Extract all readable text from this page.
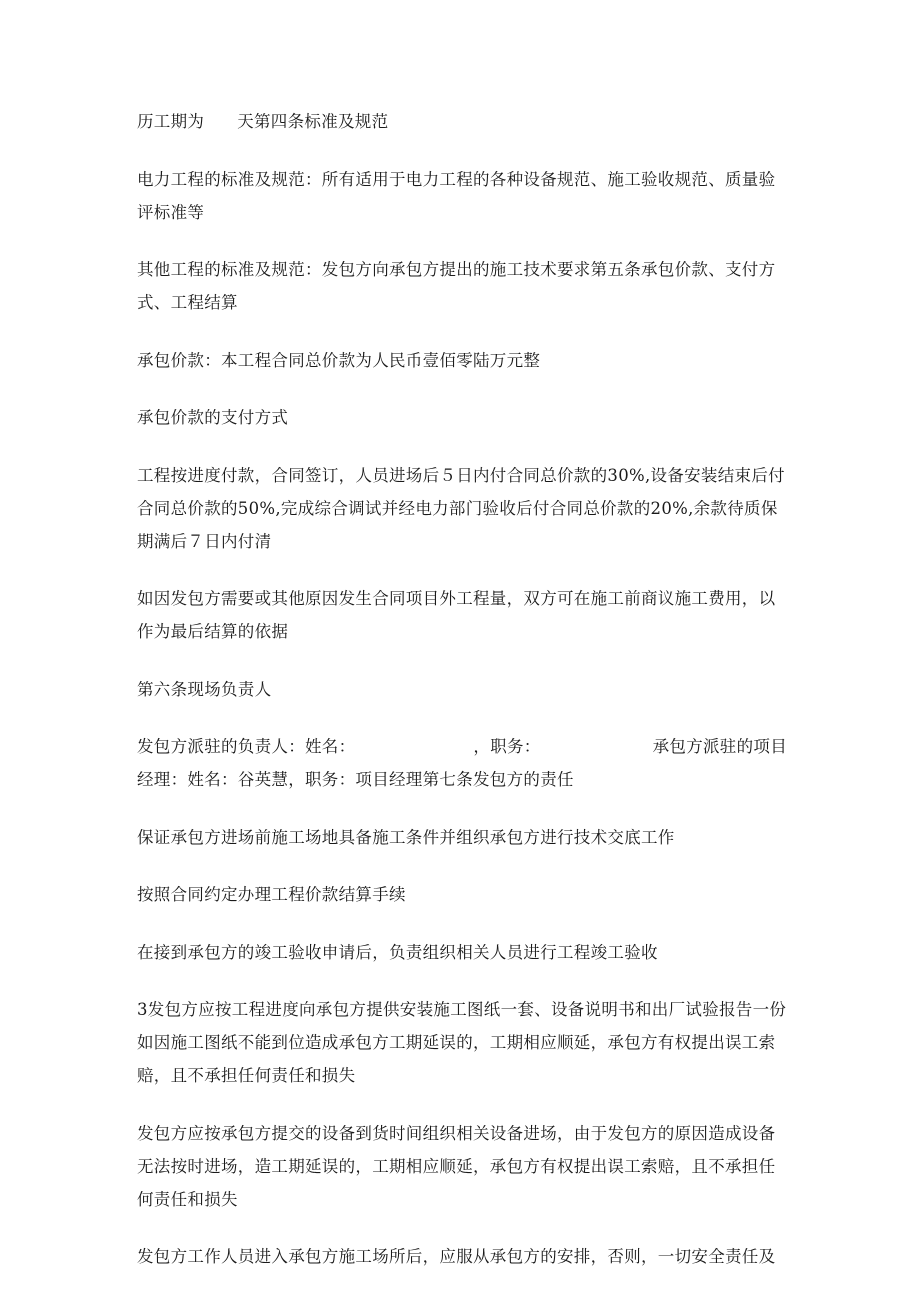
历工期为 天第四条标准及规范

电力工程的标准及规范：所有适用于电力工程的各种设备规范、施工验收规范、质量验评标准等

其他工程的标准及规范：发包方向承包方提出的施工技术要求第五条承包价款、支付方式、工程结算

承包价款：本工程合同总价款为人民币壹佰零陆万元整

承包价款的支付方式

工程按进度付款，合同签订，人员进场后５日内付合同总价款的30%,设备安装结束后付合同总价款的50%,完成综合调试并经电力部门验收后付合同总价款的20%,余款待质保期满后７日内付清

如因发包方需要或其他原因发生合同项目外工程量，双方可在施工前商议施工费用，以作为最后结算的依据

第六条现场负责人

发包方派驻的负责人：姓名：	，职务：	承包方派驻的项目经理：姓名：谷英慧，职务：项目经理第七条发包方的责任

保证承包方进场前施工场地具备施工条件并组织承包方进行技术交底工作

按照合同约定办理工程价款结算手续

在接到承包方的竣工验收申请后，负责组织相关人员进行工程竣工验收

3发包方应按工程进度向承包方提供安装施工图纸一套、设备说明书和出厂试验报告一份如因施工图纸不能到位造成承包方工期延误的，工期相应顺延，承包方有权提出误工索赔，且不承担任何责任和损失

发包方应按承包方提交的设备到货时间组织相关设备进场，由于发包方的原因造成设备无法按时进场，造工期延误的，工期相应顺延，承包方有权提出误工索赔，且不承担任何责任和损失

发包方工作人员进入承包方施工场所后，应服从承包方的安排，否则，一切安全责任及
